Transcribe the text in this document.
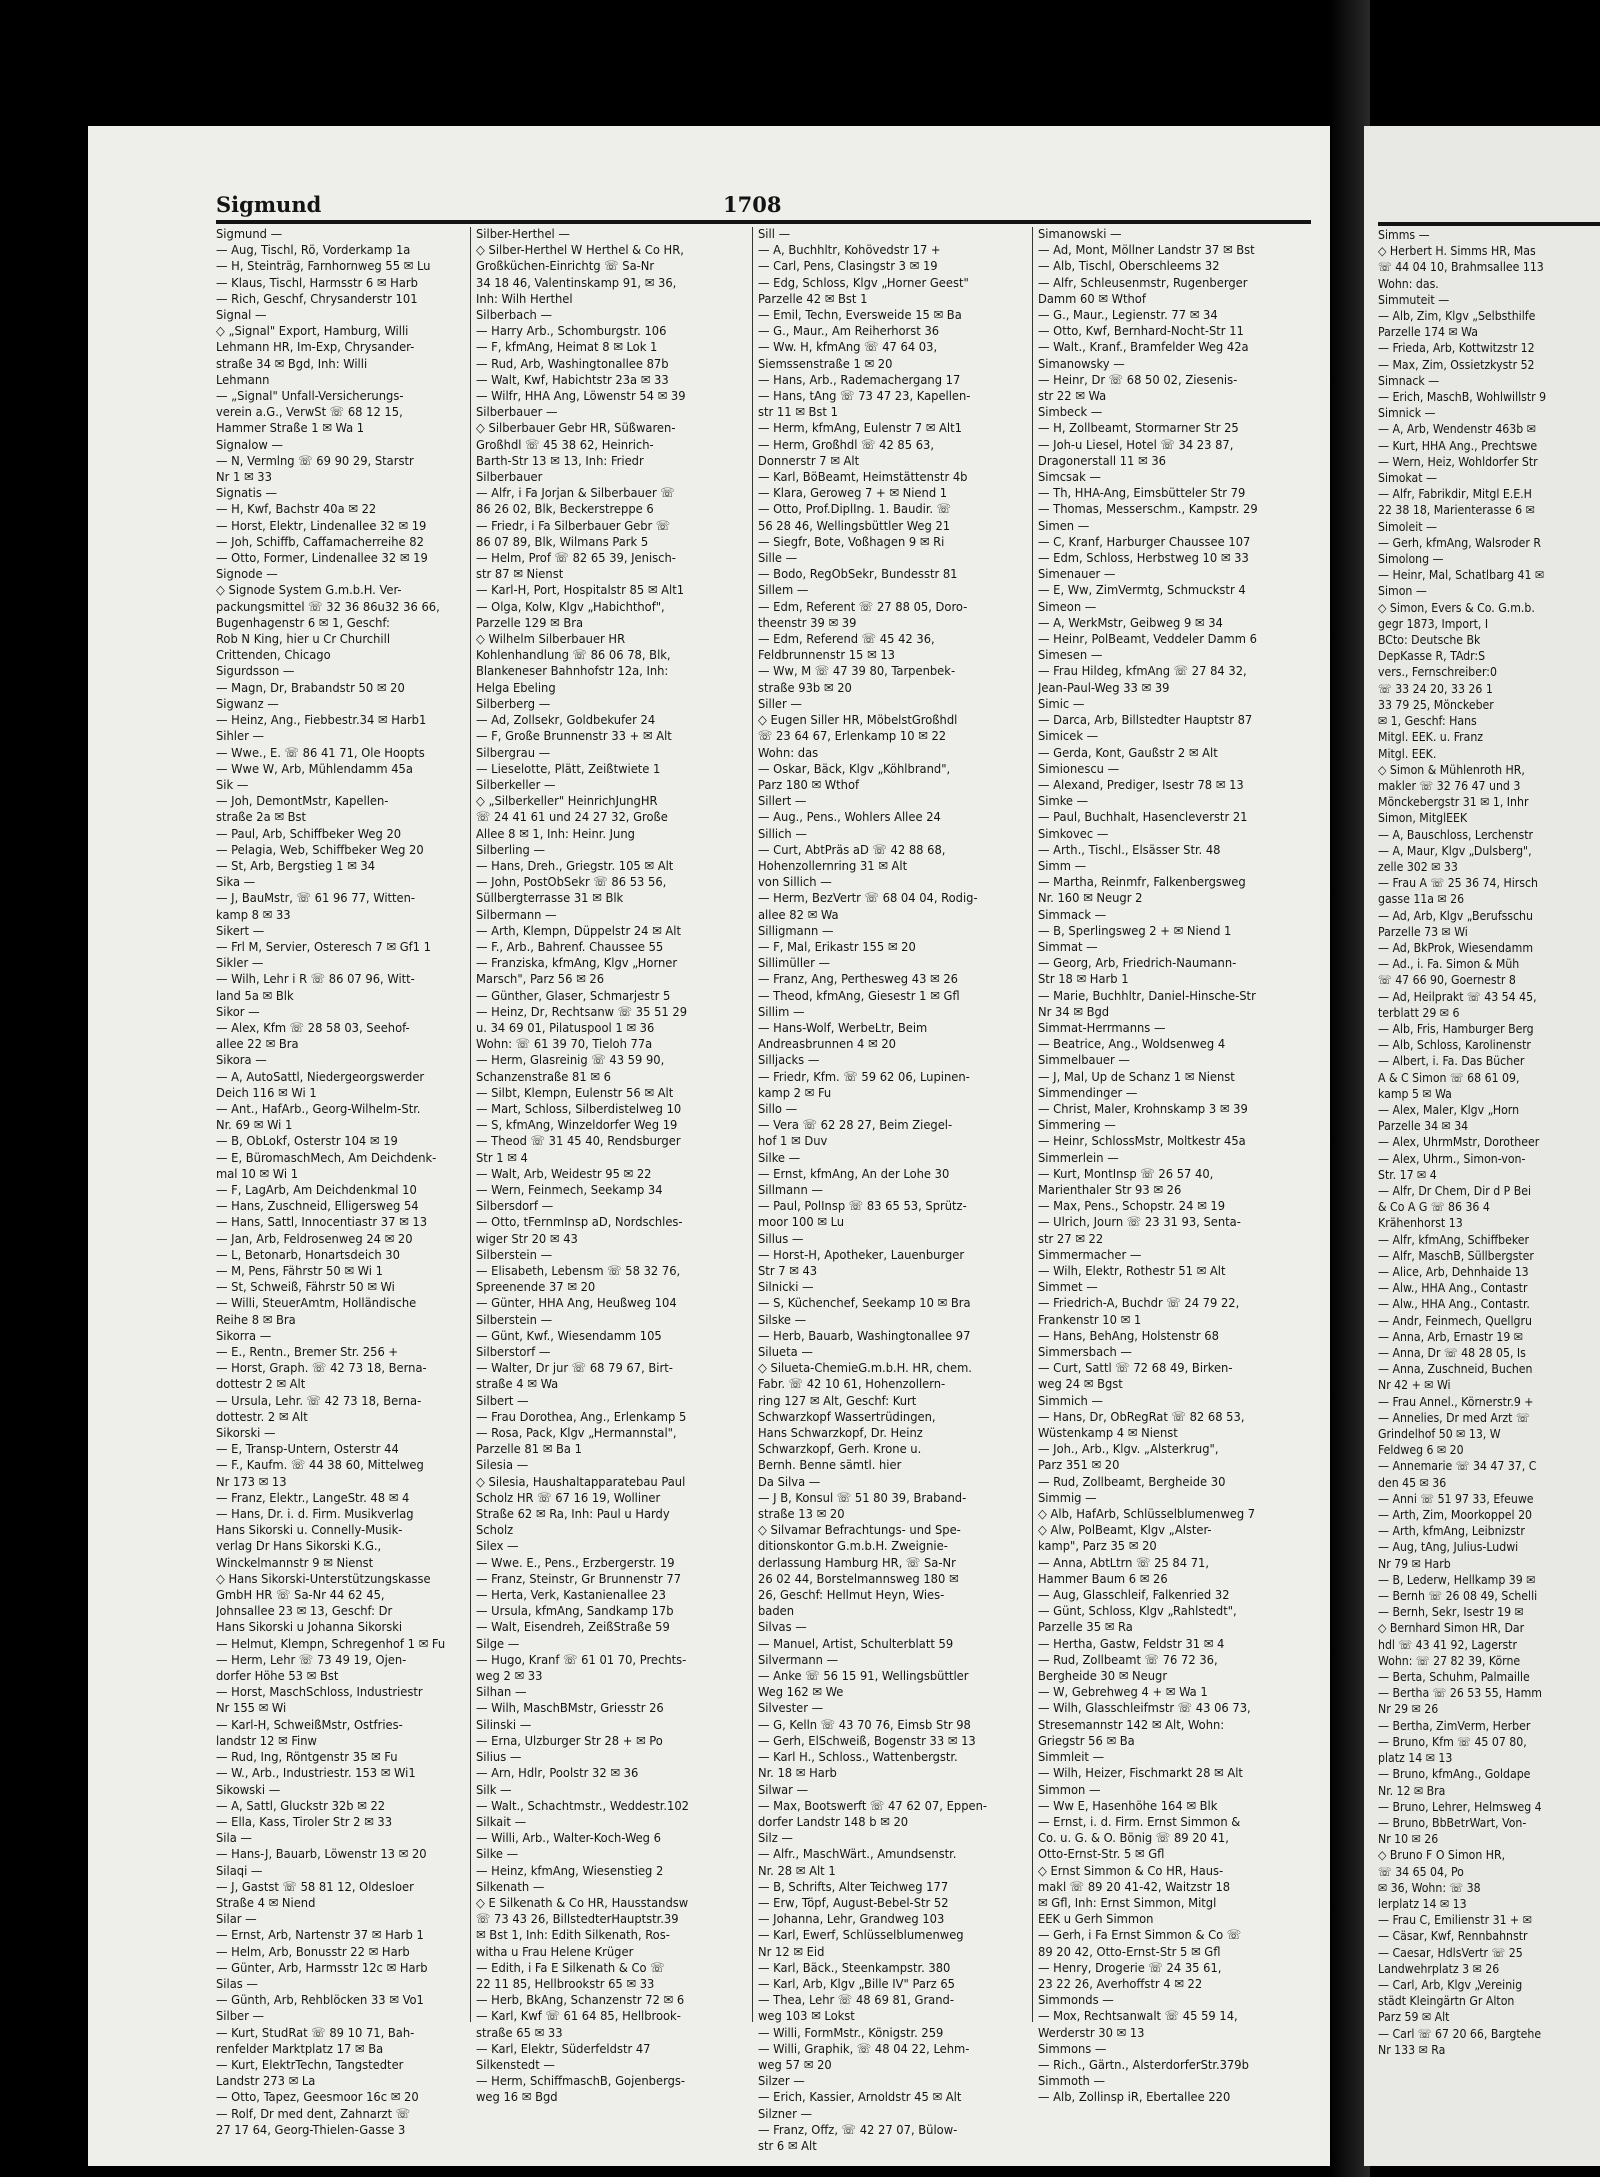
Sigmund	1708
Sigmund —
— Aug, Tischl, Rö, Vorderkamp 1a
— H, Steinträg, Farnhornweg 55 ✉ Lu
— Klaus, Tischl, Harmsstr 6 ✉ Harb
— Rich, Geschf, Chrysanderstr 101
Signal —
◇ „Signal" Export, Hamburg, Willi
Lehmann HR, Im-Exp, Chrysander-
straße 34 ✉ Bgd, Inh: Willi
Lehmann
— „Signal" Unfall-Versicherungs-
verein a.G., VerwSt ☏ 68 12 15,
Hammer Straße 1 ✉ Wa 1
Signalow —
— N, Vermlng ☏ 69 90 29, Starstr
Nr 1 ✉ 33
Signatis —
— H, Kwf, Bachstr 40a ✉ 22
— Horst, Elektr, Lindenallee 32 ✉ 19
— Joh, Schiffb, Caffamacherreihe 82
— Otto, Former, Lindenallee 32 ✉ 19
Signode —
◇ Signode System G.m.b.H. Ver-
packungsmittel ☏ 32 36 86u32 36 66,
Bugenhagenstr 6 ✉ 1, Geschf:
Rob N King, hier u Cr Churchill
Crittenden, Chicago
Sigurdsson —
— Magn, Dr, Brabandstr 50 ✉ 20
Sigwanz —
— Heinz, Ang., Fiebbestr.34 ✉ Harb1
Sihler —
— Wwe., E. ☏ 86 41 71, Ole Hoopts
— Wwe W, Arb, Mühlendamm 45a
Sik —
— Joh, DemontMstr, Kapellen-
straße 2a ✉ Bst
— Paul, Arb, Schiffbeker Weg 20
— Pelagia, Web, Schiffbeker Weg 20
— St, Arb, Bergstieg 1 ✉ 34
Sika —
— J, BauMstr, ☏ 61 96 77, Witten-
kamp 8 ✉ 33
Sikert —
— Frl M, Servier, Osteresch 7 ✉ Gf1 1
Sikler —
— Wilh, Lehr i R ☏ 86 07 96, Witt-
land 5a ✉ Blk
Sikor —
— Alex, Kfm ☏ 28 58 03, Seehof-
allee 22 ✉ Bra
Sikora —
— A, AutoSattl, Niedergeorgswerder
Deich 116 ✉ Wi 1
— Ant., HafArb., Georg-Wilhelm-Str.
Nr. 69 ✉ Wi 1
— B, ObLokf, Osterstr 104 ✉ 19
— E, BüromaschMech, Am Deichdenk-
mal 10 ✉ Wi 1
— F, LagArb, Am Deichdenkmal 10
— Hans, Zuschneid, Elligersweg 54
— Hans, Sattl, Innocentiastr 37 ✉ 13
— Jan, Arb, Feldrosenweg 24 ✉ 20
— L, Betonarb, Honartsdeich 30
— M, Pens, Fährstr 50 ✉ Wi 1
— St, Schweiß, Fährstr 50 ✉ Wi
— Willi, SteuerAmtm, Holländische
Reihe 8 ✉ Bra
Sikorra —
— E., Rentn., Bremer Str. 256 +
— Horst, Graph. ☏ 42 73 18, Berna-
dottestr 2 ✉ Alt
— Ursula, Lehr. ☏ 42 73 18, Berna-
dottestr. 2 ✉ Alt
Sikorski —
— E, Transp-Untern, Osterstr 44
— F., Kaufm. ☏ 44 38 60, Mittelweg
Nr 173 ✉ 13
— Franz, Elektr., LangeStr. 48 ✉ 4
— Hans, Dr. i. d. Firm. Musikverlag
Hans Sikorski u. Connelly-Musik-
verlag Dr Hans Sikorski K.G.,
Winckelmannstr 9 ✉ Nienst
◇ Hans Sikorski-Unterstützungskasse
GmbH HR ☏ Sa-Nr 44 62 45,
Johnsallee 23 ✉ 13, Geschf: Dr
Hans Sikorski u Johanna Sikorski
— Helmut, Klempn, Schregenhof 1 ✉ Fu
— Herm, Lehr ☏ 73 49 19, Ojen-
dorfer Höhe 53 ✉ Bst
— Horst, MaschSchloss, Industriestr
Nr 155 ✉ Wi
— Karl-H, SchweißMstr, Ostfries-
landstr 12 ✉ Finw
— Rud, Ing, Röntgenstr 35 ✉ Fu
— W., Arb., Industriestr. 153 ✉ Wi1
Sikowski —
— A, Sattl, Gluckstr 32b ✉ 22
— Ella, Kass, Tiroler Str 2 ✉ 33
Sila —
— Hans-J, Bauarb, Löwenstr 13 ✉ 20
Silaqi —
— J, Gastst ☏ 58 81 12, Oldesloer
Straße 4 ✉ Niend
Silar —
— Ernst, Arb, Nartenstr 37 ✉ Harb 1
— Helm, Arb, Bonusstr 22 ✉ Harb
— Günter, Arb, Harmsstr 12c ✉ Harb
Silas —
— Günth, Arb, Rehblöcken 33 ✉ Vo1
Silber —
— Kurt, StudRat ☏ 89 10 71, Bah-
renfelder Marktplatz 17 ✉ Ba
— Kurt, ElektrTechn, Tangstedter
Landstr 273 ✉ La
— Otto, Tapez, Geesmoor 16c ✉ 20
— Rolf, Dr med dent, Zahnarzt ☏
27 17 64, Georg-Thielen-Gasse 3
Silber-Herthel —
◇ Silber-Herthel W Herthel & Co HR,
Großküchen-Einrichtg ☏ Sa-Nr
34 18 46, Valentinskamp 91, ✉ 36,
Inh: Wilh Herthel
Silberbach —
— Harry Arb., Schomburgstr. 106
— F, kfmAng, Heimat 8 ✉ Lok 1
— Rud, Arb, Washingtonallee 87b
— Walt, Kwf, Habichtstr 23a ✉ 33
— Wilfr, HHA Ang, Löwenstr 54 ✉ 39
Silberbauer —
◇ Silberbauer Gebr HR, Süßwaren-
Großhdl ☏ 45 38 62, Heinrich-
Barth-Str 13 ✉ 13, Inh: Friedr
Silberbauer
— Alfr, i Fa Jorjan & Silberbauer ☏
86 26 02, Blk, Beckerstreppe 6
— Friedr, i Fa Silberbauer Gebr ☏
86 07 89, Blk, Wilmans Park 5
— Helm, Prof ☏ 82 65 39, Jenisch-
str 87 ✉ Nienst
— Karl-H, Port, Hospitalstr 85 ✉ Alt1
— Olga, Kolw, Klgv „Habichthof",
Parzelle 129 ✉ Bra
◇ Wilhelm Silberbauer HR
Kohlenhandlung ☏ 86 06 78, Blk,
Blankeneser Bahnhofstr 12a, Inh:
Helga Ebeling
Silberberg —
— Ad, Zollsekr, Goldbekufer 24
— F, Große Brunnenstr 33 + ✉ Alt
Silbergrau —
— Lieselotte, Plätt, Zeißtwiete 1
Silberkeller —
◇ „Silberkeller" HeinrichJungHR
☏ 24 41 61 und 24 27 32, Große
Allee 8 ✉ 1, Inh: Heinr. Jung
Silberling —
— Hans, Dreh., Griegstr. 105 ✉ Alt
— John, PostObSekr ☏ 86 53 56,
Süllbergterrasse 31 ✉ Blk
Silbermann —
— Arth, Klempn, Düppelstr 24 ✉ Alt
— F., Arb., Bahrenf. Chaussee 55
— Franziska, kfmAng, Klgv „Horner
Marsch", Parz 56 ✉ 26
— Günther, Glaser, Schmarjestr 5
— Heinz, Dr, Rechtsanw ☏ 35 51 29
u. 34 69 01, Pilatuspool 1 ✉ 36
Wohn: ☏ 61 39 70, Tieloh 77a
— Herm, Glasreinig ☏ 43 59 90,
Schanzenstraße 81 ✉ 6
— Silbt, Klempn, Eulenstr 56 ✉ Alt
— Mart, Schloss, Silberdistelweg 10
— S, kfmAng, Winzeldorfer Weg 19
— Theod ☏ 31 45 40, Rendsburger
Str 1 ✉ 4
— Walt, Arb, Weidestr 95 ✉ 22
— Wern, Feinmech, Seekamp 34
Silbersdorf —
— Otto, tFernmInsp aD, Nordschles-
wiger Str 20 ✉ 43
Silberstein —
— Elisabeth, Lebensm ☏ 58 32 76,
Spreenende 37 ✉ 20
— Günter, HHA Ang, Heußweg 104
Silberstein —
— Günt, Kwf., Wiesendamm 105
Silberstorf —
— Walter, Dr jur ☏ 68 79 67, Birt-
straße 4 ✉ Wa
Silbert —
— Frau Dorothea, Ang., Erlenkamp 5
— Rosa, Pack, Klgv „Hermannstal",
Parzelle 81 ✉ Ba 1
Silesia —
◇ Silesia, Haushaltapparatebau Paul
Scholz HR ☏ 67 16 19, Wolliner
Straße 62 ✉ Ra, Inh: Paul u Hardy
Scholz
Silex —
— Wwe. E., Pens., Erzbergerstr. 19
— Franz, Steinstr, Gr Brunnenstr 77
— Herta, Verk, Kastanienallee 23
— Ursula, kfmAng, Sandkamp 17b
— Walt, Eisendreh, ZeißStraße 59
Silge —
— Hugo, Kranf ☏ 61 01 70, Prechts-
weg 2 ✉ 33
Silhan —
— Wilh, MaschBMstr, Griesstr 26
Silinski —
— Erna, Ulzburger Str 28 + ✉ Po
Silius —
— Arn, Hdlr, Poolstr 32 ✉ 36
Silk —
— Walt., Schachtmstr., Weddestr.102
Silkait —
— Willi, Arb., Walter-Koch-Weg 6
Silke —
— Heinz, kfmAng, Wiesenstieg 2
Silkenath —
◇ E Silkenath & Co HR, Hausstandsw
☏ 73 43 26, BillstedterHauptstr.39
✉ Bst 1, Inh: Edith Silkenath, Ros-
witha u Frau Helene Krüger
— Edith, i Fa E Silkenath & Co ☏
22 11 85, Hellbrookstr 65 ✉ 33
— Herb, BkAng, Schanzenstr 72 ✉ 6
— Karl, Kwf ☏ 61 64 85, Hellbrook-
straße 65 ✉ 33
— Karl, Elektr, Süderfeldstr 47
Silkenstedt —
— Herm, SchiffmaschB, Gojenbergs-
weg 16 ✉ Bgd
Sill —
— A, Buchhltr, Kohövedstr 17 +
— Carl, Pens, Clasingstr 3 ✉ 19
— Edg, Schloss, Klgv „Horner Geest"
Parzelle 42 ✉ Bst 1
— Emil, Techn, Eversweide 15 ✉ Ba
— G., Maur., Am Reiherhorst 36
— Ww. H, kfmAng ☏ 47 64 03,
Siemssenstraße 1 ✉ 20
— Hans, Arb., Rademachergang 17
— Hans, tAng ☏ 73 47 23, Kapellen-
str 11 ✉ Bst 1
— Herm, kfmAng, Eulenstr 7 ✉ Alt1
— Herm, Großhdl ☏ 42 85 63,
Donnerstr 7 ✉ Alt
— Karl, BöBeamt, Heimstättenstr 4b
— Klara, Geroweg 7 + ✉ Niend 1
— Otto, Prof.DiplIng. 1. Baudir. ☏
56 28 46, Wellingsbüttler Weg 21
— Siegfr, Bote, Voßhagen 9 ✉ Ri
Sille —
— Bodo, RegObSekr, Bundesstr 81
Sillem —
— Edm, Referent ☏ 27 88 05, Doro-
theenstr 39 ✉ 39
— Edm, Referend ☏ 45 42 36,
Feldbrunnenstr 15 ✉ 13
— Ww, M ☏ 47 39 80, Tarpenbek-
straße 93b ✉ 20
Siller —
◇ Eugen Siller HR, MöbelstGroßhdl
☏ 23 64 67, Erlenkamp 10 ✉ 22
Wohn: das
— Oskar, Bäck, Klgv „Köhlbrand",
Parz 180 ✉ Wthof
Sillert —
— Aug., Pens., Wohlers Allee 24
Sillich —
— Curt, AbtPräs aD ☏ 42 88 68,
Hohenzollernring 31 ✉ Alt
von Sillich —
— Herm, BezVertr ☏ 68 04 04, Rodig-
allee 82 ✉ Wa
Silligmann —
— F, Mal, Erikastr 155 ✉ 20
Sillimüller —
— Franz, Ang, Perthesweg 43 ✉ 26
— Theod, kfmAng, Giesestr 1 ✉ Gfl
Sillim —
— Hans-Wolf, WerbeLtr, Beim
Andreasbrunnen 4 ✉ 20
Silljacks —
— Friedr, Kfm. ☏ 59 62 06, Lupinen-
kamp 2 ✉ Fu
Sillo —
— Vera ☏ 62 28 27, Beim Ziegel-
hof 1 ✉ Duv
Silke —
— Ernst, kfmAng, An der Lohe 30
Sillmann —
— Paul, PolInsp ☏ 83 65 53, Sprütz-
moor 100 ✉ Lu
Sillus —
— Horst-H, Apotheker, Lauenburger
Str 7 ✉ 43
Silnicki —
— S, Küchenchef, Seekamp 10 ✉ Bra
Silske —
— Herb, Bauarb, Washingtonallee 97
Silueta —
◇ Silueta-ChemieG.m.b.H. HR, chem.
Fabr. ☏ 42 10 61, Hohenzollern-
ring 127 ✉ Alt, Geschf: Kurt
Schwarzkopf Wassertrüdingen,
Hans Schwarzkopf, Dr. Heinz
Schwarzkopf, Gerh. Krone u.
Bernh. Benne sämtl. hier
Da Silva —
— J B, Konsul ☏ 51 80 39, Braband-
straße 13 ✉ 20
◇ Silvamar Befrachtungs- und Spe-
ditionskontor G.m.b.H. Zweignie-
derlassung Hamburg HR, ☏ Sa-Nr
26 02 44, Borstelmannsweg 180 ✉
26, Geschf: Hellmut Heyn, Wies-
baden
Silvas —
— Manuel, Artist, Schulterblatt 59
Silvermann —
— Anke ☏ 56 15 91, Wellingsbüttler
Weg 162 ✉ We
Silvester —
— G, Kelln ☏ 43 70 76, Eimsb Str 98
— Gerh, ElSchweiß, Bogenstr 33 ✉ 13
— Karl H., Schloss., Wattenbergstr.
Nr. 18 ✉ Harb
Silwar —
— Max, Bootswerft ☏ 47 62 07, Eppen-
dorfer Landstr 148 b ✉ 20
Silz —
— Alfr., MaschWärt., Amundsenstr.
Nr. 28 ✉ Alt 1
— B, Schrifts, Alter Teichweg 177
— Erw, Töpf, August-Bebel-Str 52
— Johanna, Lehr, Grandweg 103
— Karl, Ewerf, Schlüsselblumenweg
Nr 12 ✉ Eid
— Karl, Bäck., Steenkampstr. 380
— Karl, Arb, Klgv „Bille IV" Parz 65
— Thea, Lehr ☏ 48 69 81, Grand-
weg 103 ✉ Lokst
— Willi, FormMstr., Königstr. 259
— Willi, Graphik, ☏ 48 04 22, Lehm-
weg 57 ✉ 20
Silzer —
— Erich, Kassier, Arnoldstr 45 ✉ Alt
Silzner —
— Franz, Offz, ☏ 42 27 07, Bülow-
str 6 ✉ Alt
Simanowski —
— Ad, Mont, Möllner Landstr 37 ✉ Bst
— Alb, Tischl, Oberschleems 32
— Alfr, Schleusenmstr, Rugenberger
Damm 60 ✉ Wthof
— G., Maur., Legienstr. 77 ✉ 34
— Otto, Kwf, Bernhard-Nocht-Str 11
— Walt., Kranf., Bramfelder Weg 42a
Simanowsky —
— Heinr, Dr ☏ 68 50 02, Ziesenis-
str 22 ✉ Wa
Simbeck —
— H, Zollbeamt, Stormarner Str 25
— Joh-u Liesel, Hotel ☏ 34 23 87,
Dragonerstall 11 ✉ 36
Simcsak —
— Th, HHA-Ang, Eimsbütteler Str 79
— Thomas, Messerschm., Kampstr. 29
Simen —
— C, Kranf, Harburger Chaussee 107
— Edm, Schloss, Herbstweg 10 ✉ 33
Simenauer —
— E, Ww, ZimVermtg, Schmuckstr 4
Simeon —
— A, WerkMstr, Geibweg 9 ✉ 34
— Heinr, PolBeamt, Veddeler Damm 6
Simesen —
— Frau Hildeg, kfmAng ☏ 27 84 32,
Jean-Paul-Weg 33 ✉ 39
Simic —
— Darca, Arb, Billstedter Hauptstr 87
Simicek —
— Gerda, Kont, Gaußstr 2 ✉ Alt
Simionescu —
— Alexand, Prediger, Isestr 78 ✉ 13
Simke —
— Paul, Buchhalt, Hasencleverstr 21
Simkovec —
— Arth., Tischl., Elsässer Str. 48
Simm —
— Martha, Reinmfr, Falkenbergsweg
Nr. 160 ✉ Neugr 2
Simmack —
— B, Sperlingsweg 2 + ✉ Niend 1
Simmat —
— Georg, Arb, Friedrich-Naumann-
Str 18 ✉ Harb 1
— Marie, Buchhltr, Daniel-Hinsche-Str
Nr 34 ✉ Bgd
Simmat-Herrmanns —
— Beatrice, Ang., Woldsenweg 4
Simmelbauer —
— J, Mal, Up de Schanz 1 ✉ Nienst
Simmendinger —
— Christ, Maler, Krohnskamp 3 ✉ 39
Simmering —
— Heinr, SchlossMstr, Moltkestr 45a
Simmerlein —
— Kurt, MontInsp ☏ 26 57 40,
Marienthaler Str 93 ✉ 26
— Max, Pens., Schopstr. 24 ✉ 19
— Ulrich, Journ ☏ 23 31 93, Senta-
str 27 ✉ 22
Simmermacher —
— Wilh, Elektr, Rothestr 51 ✉ Alt
Simmet —
— Friedrich-A, Buchdr ☏ 24 79 22,
Frankenstr 10 ✉ 1
— Hans, BehAng, Holstenstr 68
Simmersbach —
— Curt, Sattl ☏ 72 68 49, Birken-
weg 24 ✉ Bgst
Simmich —
— Hans, Dr, ObRegRat ☏ 82 68 53,
Wüstenkamp 4 ✉ Nienst
— Joh., Arb., Klgv. „Alsterkrug",
Parz 351 ✉ 20
— Rud, Zollbeamt, Bergheide 30
Simmig —
◇ Alb, HafArb, Schlüsselblumenweg 7
◇ Alw, PolBeamt, Klgv „Alster-
kamp", Parz 35 ✉ 20
— Anna, AbtLtrn ☏ 25 84 71,
Hammer Baum 6 ✉ 26
— Aug, Glasschleif, Falkenried 32
— Günt, Schloss, Klgv „Rahlstedt",
Parzelle 35 ✉ Ra
— Hertha, Gastw, Feldstr 31 ✉ 4
— Rud, Zollbeamt ☏ 76 72 36,
Bergheide 30 ✉ Neugr
— W, Gebrehweg 4 + ✉ Wa 1
— Wilh, Glasschleifmstr ☏ 43 06 73,
Stresemannstr 142 ✉ Alt, Wohn:
Griegstr 56 ✉ Ba
Simmleit —
— Wilh, Heizer, Fischmarkt 28 ✉ Alt
Simmon —
— Ww E, Hasenhöhe 164 ✉ Blk
— Ernst, i. d. Firm. Ernst Simmon &
Co. u. G. & O. Bönig ☏ 89 20 41,
Otto-Ernst-Str. 5 ✉ Gfl
◇ Ernst Simmon & Co HR, Haus-
makl ☏ 89 20 41-42, Waitzstr 18
✉ Gfl, Inh: Ernst Simmon, Mitgl
EEK u Gerh Simmon
— Gerh, i Fa Ernst Simmon & Co ☏
89 20 42, Otto-Ernst-Str 5 ✉ Gfl
— Henry, Drogerie ☏ 24 35 61,
23 22 26, Averhoffstr 4 ✉ 22
Simmonds —
— Mox, Rechtsanwalt ☏ 45 59 14,
Werderstr 30 ✉ 13
Simmons —
— Rich., Gärtn., AlsterdorferStr.379b
Simmoth —
— Alb, Zollinsp iR, Ebertallee 220
Simms —
◇ Herbert H. Simms HR, Mas
☏ 44 04 10, Brahmsallee 113
Wohn: das.
Simmuteit —
— Alb, Zim, Klgv „Selbsthilfe
Parzelle 174 ✉ Wa
— Frieda, Arb, Kottwitzstr 12
— Max, Zim, Ossietzkystr 52
Simnack —
— Erich, MaschB, Wohlwillstr 9
Simnick —
— A, Arb, Wendenstr 463b ✉
— Kurt, HHA Ang., Prechtswe
— Wern, Heiz, Wohldorfer Str
Simokat —
— Alfr, Fabrikdir, Mitgl E.E.H
22 38 18, Marienterasse 6 ✉
Simoleit —
— Gerh, kfmAng, Walsroder R
Simolong —
— Heinr, Mal, Schatlbarg 41 ✉
Simon —
◇ Simon, Evers & Co. G.m.b.
gegr 1873, Import, I
BCto: Deutsche Bk
DepKasse R, TAdr:S
vers., Fernschreiber:0
☏ 33 24 20, 33 26 1
33 79 25, Mönckeber
✉ 1, Geschf: Hans
Mitgl. EEK. u. Franz
Mitgl. EEK.
◇ Simon & Mühlenroth HR,
makler ☏ 32 76 47 und 3
Mönckebergstr 31 ✉ 1, Inhr
Simon, MitglEEK
— A, Bauschloss, Lerchenstr
— A, Maur, Klgv „Dulsberg",
zelle 302 ✉ 33
— Frau A ☏ 25 36 74, Hirsch
gasse 11a ✉ 26
— Ad, Arb, Klgv „Berufsschu
Parzelle 73 ✉ Wi
— Ad, BkProk, Wiesendamm
— Ad., i. Fa. Simon & Müh
☏ 47 66 90, Goernestr 8
— Ad, Heilprakt ☏ 43 54 45,
terblatt 29 ✉ 6
— Alb, Fris, Hamburger Berg
— Alb, Schloss, Karolinenstr
— Albert, i. Fa. Das Bücher
A & C Simon ☏ 68 61 09,
kamp 5 ✉ Wa
— Alex, Maler, Klgv „Horn
Parzelle 34 ✉ 34
— Alex, UhrmMstr, Dorotheer
— Alex, Uhrm., Simon-von-
Str. 17 ✉ 4
— Alfr, Dr Chem, Dir d P Bei
& Co A G ☏ 86 36 4
Krähenhorst 13
— Alfr, kfmAng, Schiffbeker
— Alfr, MaschB, Süllbergster
— Alice, Arb, Dehnhaide 13
— Alw., HHA Ang., Contastr
— Alw., HHA Ang., Contastr.
— Andr, Feinmech, Quellgru
— Anna, Arb, Ernastr 19 ✉
— Anna, Dr ☏ 48 28 05, Is
— Anna, Zuschneid, Buchen
Nr 42 + ✉ Wi
— Frau Annel., Körnerstr.9 +
— Annelies, Dr med Arzt ☏
Grindelhof 50 ✉ 13, W
Feldweg 6 ✉ 20
— Annemarie ☏ 34 47 37, C
den 45 ✉ 36
— Anni ☏ 51 97 33, Efeuwe
— Arth, Zim, Moorkoppel 20
— Arth, kfmAng, Leibnizstr
— Aug, tAng, Julius-Ludwi
Nr 79 ✉ Harb
— B, Lederw, Hellkamp 39 ✉
— Bernh ☏ 26 08 49, Schelli
— Bernh, Sekr, Isestr 19 ✉
◇ Bernhard Simon HR, Dar
hdl ☏ 43 41 92, Lagerstr
Wohn: ☏ 27 82 39, Körne
— Berta, Schuhm, Palmaille
— Bertha ☏ 26 53 55, Hamm
Nr 29 ✉ 26
— Bertha, ZimVerm, Herber
— Bruno, Kfm ☏ 45 07 80,
platz 14 ✉ 13
— Bruno, kfmAng., Goldape
Nr. 12 ✉ Bra
— Bruno, Lehrer, Helmsweg 4
— Bruno, BbBetrWart, Von-
Nr 10 ✉ 26
◇ Bruno F O Simon HR,
☏ 34 65 04, Po
✉ 36, Wohn: ☏ 38
lerplatz 14 ✉ 13
— Frau C, Emilienstr 31 + ✉
— Cäsar, Kwf, Rennbahnstr
— Caesar, HdlsVertr ☏ 25
Landwehrplatz 3 ✉ 26
— Carl, Arb, Klgv „Vereinig
städt Kleingärtn Gr Alton
Parz 59 ✉ Alt
— Carl ☏ 67 20 66, Bargtehe
Nr 133 ✉ Ra
